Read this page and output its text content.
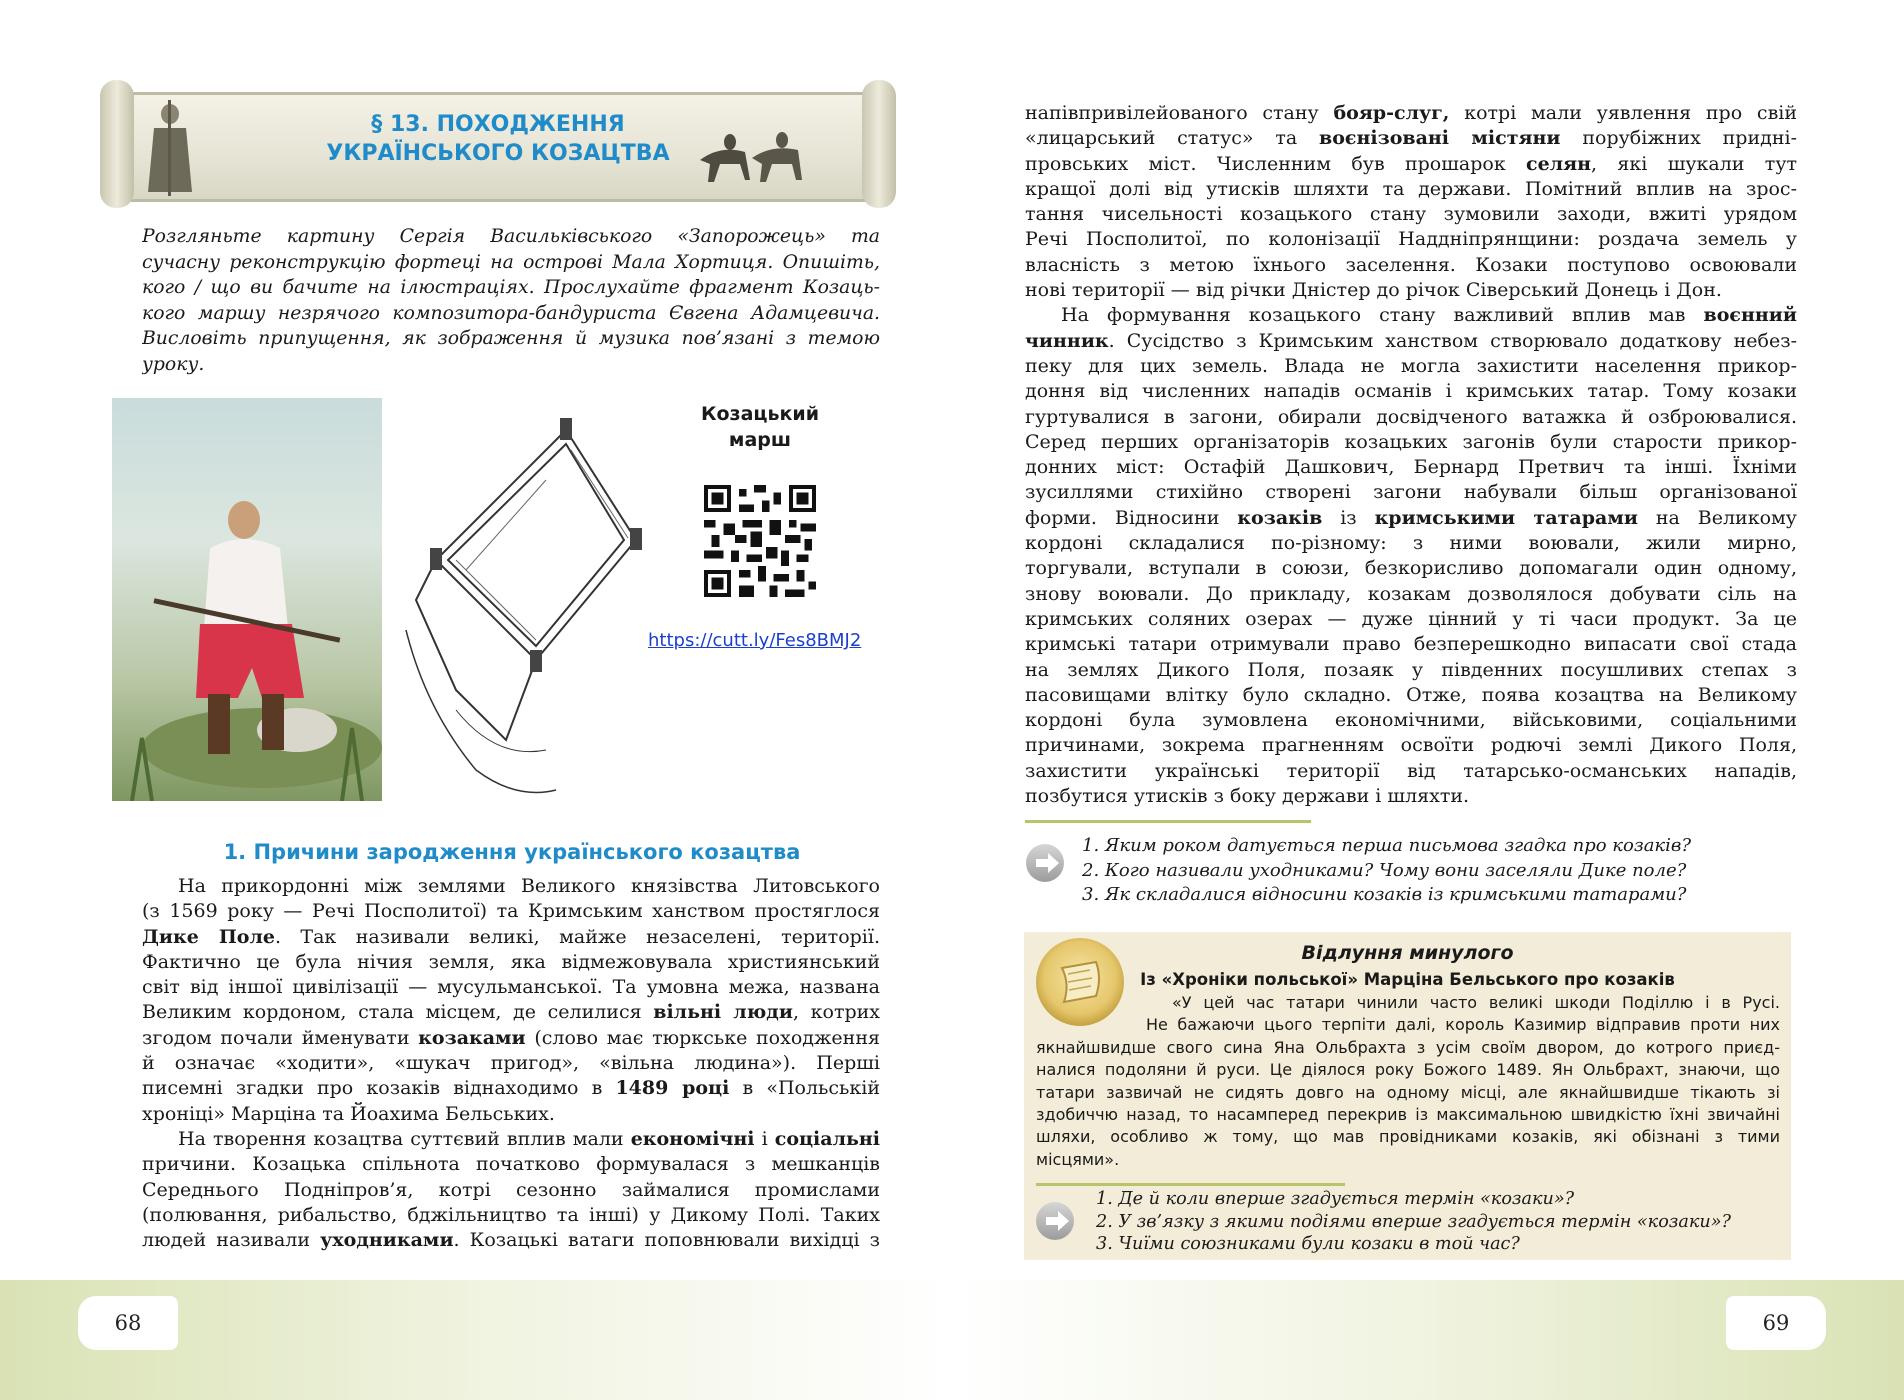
§ 13. ПОХОДЖЕННЯ
УКРАЇНСЬКОГО КОЗАЦТВА
Розгляньте картину Сергія Васильківського «Запорожець» та
сучасну реконструкцію фортеці на острові Мала Хортиця. Опишіть,
кого / що ви бачите на ілюстраціях. Прослухайте фрагмент Козаць-
кого маршу незрячого композитора-бандуриста Євгена Адамцевича.
Висловіть припущення, як зображення й музика пов’язані з темою
уроку.
Козацький
марш
https://cutt.ly/Fes8BMJ2
1. Причини зародження українського козацтва
На прикордонні між землями Великого князівства Литовського
(з 1569 року — Речі Посполитої) та Кримським ханством простяглося
Дике Поле. Так називали великі, майже незаселені, території.
Фактично це була нічия земля, яка відмежовувала християнський
світ від іншої цивілізації — мусульманської. Та умовна межа, названа
Великим кордоном, стала місцем, де селилися вільні люди, котрих
згодом почали йменувати козаками (слово має тюркське походження
й означає «ходити», «шукач пригод», «вільна людина»). Перші
писемні згадки про козаків віднаходимо в 1489 році в «Польській
хроніці» Марціна та Йоахима Бельських.
На творення козацтва суттєвий вплив мали економічні і соціальні
причини. Козацька спільнота початково формувалася з мешканців
Середнього Подніпров’я, котрі сезонно займалися промислами
(полювання, рибальство, бджільництво та інші) у Дикому Полі. Таких
людей називали уходниками. Козацькі ватаги поповнювали вихідці з
68
напівпривілейованого стану бояр-слуг, котрі мали уявлення про свій
«лицарський статус» та воєнізовані містяни порубіжних придні-
провських міст. Численним був прошарок селян, які шукали тут
кращої долі від утисків шляхти та держави. Помітний вплив на зрос-
тання чисельності козацького стану зумовили заходи, вжиті урядом
Речі Посполитої, по колонізації Наддніпрянщини: роздача земель у
власність з метою їхнього заселення. Козаки поступово освоювали
нові території — від річки Дністер до річок Сіверський Донець і Дон.
На формування козацького стану важливий вплив мав воєнний
чинник. Сусідство з Кримським ханством створювало додаткову небез-
пеку для цих земель. Влада не могла захистити населення прикор-
доння від численних нападів османів і кримських татар. Тому козаки
гуртувалися в загони, обирали досвідченого ватажка й озброювалися.
Серед перших організаторів козацьких загонів були старости прикор-
донних міст: Остафій Дашкович, Бернард Претвич та інші. Їхніми
зусиллями стихійно створені загони набували більш організованої
форми. Відносини козаків із кримськими татарами на Великому
кордоні складалися по-різному: з ними воювали, жили мирно,
торгували, вступали в союзи, безкорисливо допомагали один одному,
знову воювали. До прикладу, козакам дозволялося добувати сіль на
кримських соляних озерах — дуже цінний у ті часи продукт. За це
кримські татари отримували право безперешкодно випасати свої стада
на землях Дикого Поля, позаяк у південних посушливих степах з
пасовищами влітку було складно. Отже, поява козацтва на Великому
кордоні була зумовлена економічними, військовими, соціальними
причинами, зокрема прагненням освоїти родючі землі Дикого Поля,
захистити українські території від татарсько-османських нападів,
позбутися утисків з боку держави і шляхти.
1. Яким роком датується перша письмова згадка про козаків?
2. Кого називали уходниками? Чому вони заселяли Дике поле?
3. Як складалися відносини козаків із кримськими татарами?
Відлуння минулого
Із «Хроніки польської» Марціна Бельського про козаків
«У цей час татари чинили часто великі шкоди Поділлю і в Русі.
Не бажаючи цього терпіти далі, король Казимир відправив проти них
якнайшвидше свого сина Яна Ольбрахта з усім своїм двором, до котрого приєд-
налися подоляни й руси. Це діялося року Божого 1489. Ян Ольбрахт, знаючи, що
татари зазвичай не сидять довго на одному місці, але якнайшвидше тікають зі
здобиччю назад, то насамперед перекрив із максимальною швидкістю їхні звичайні
шляхи, особливо ж тому, що мав провідниками козаків, які обізнані з тими
місцями».
1. Де й коли вперше згадується термін «козаки»?
2. У зв’язку з якими подіями вперше згадується термін «козаки»?
3. Чиїми союзниками були козаки в той час?
69
